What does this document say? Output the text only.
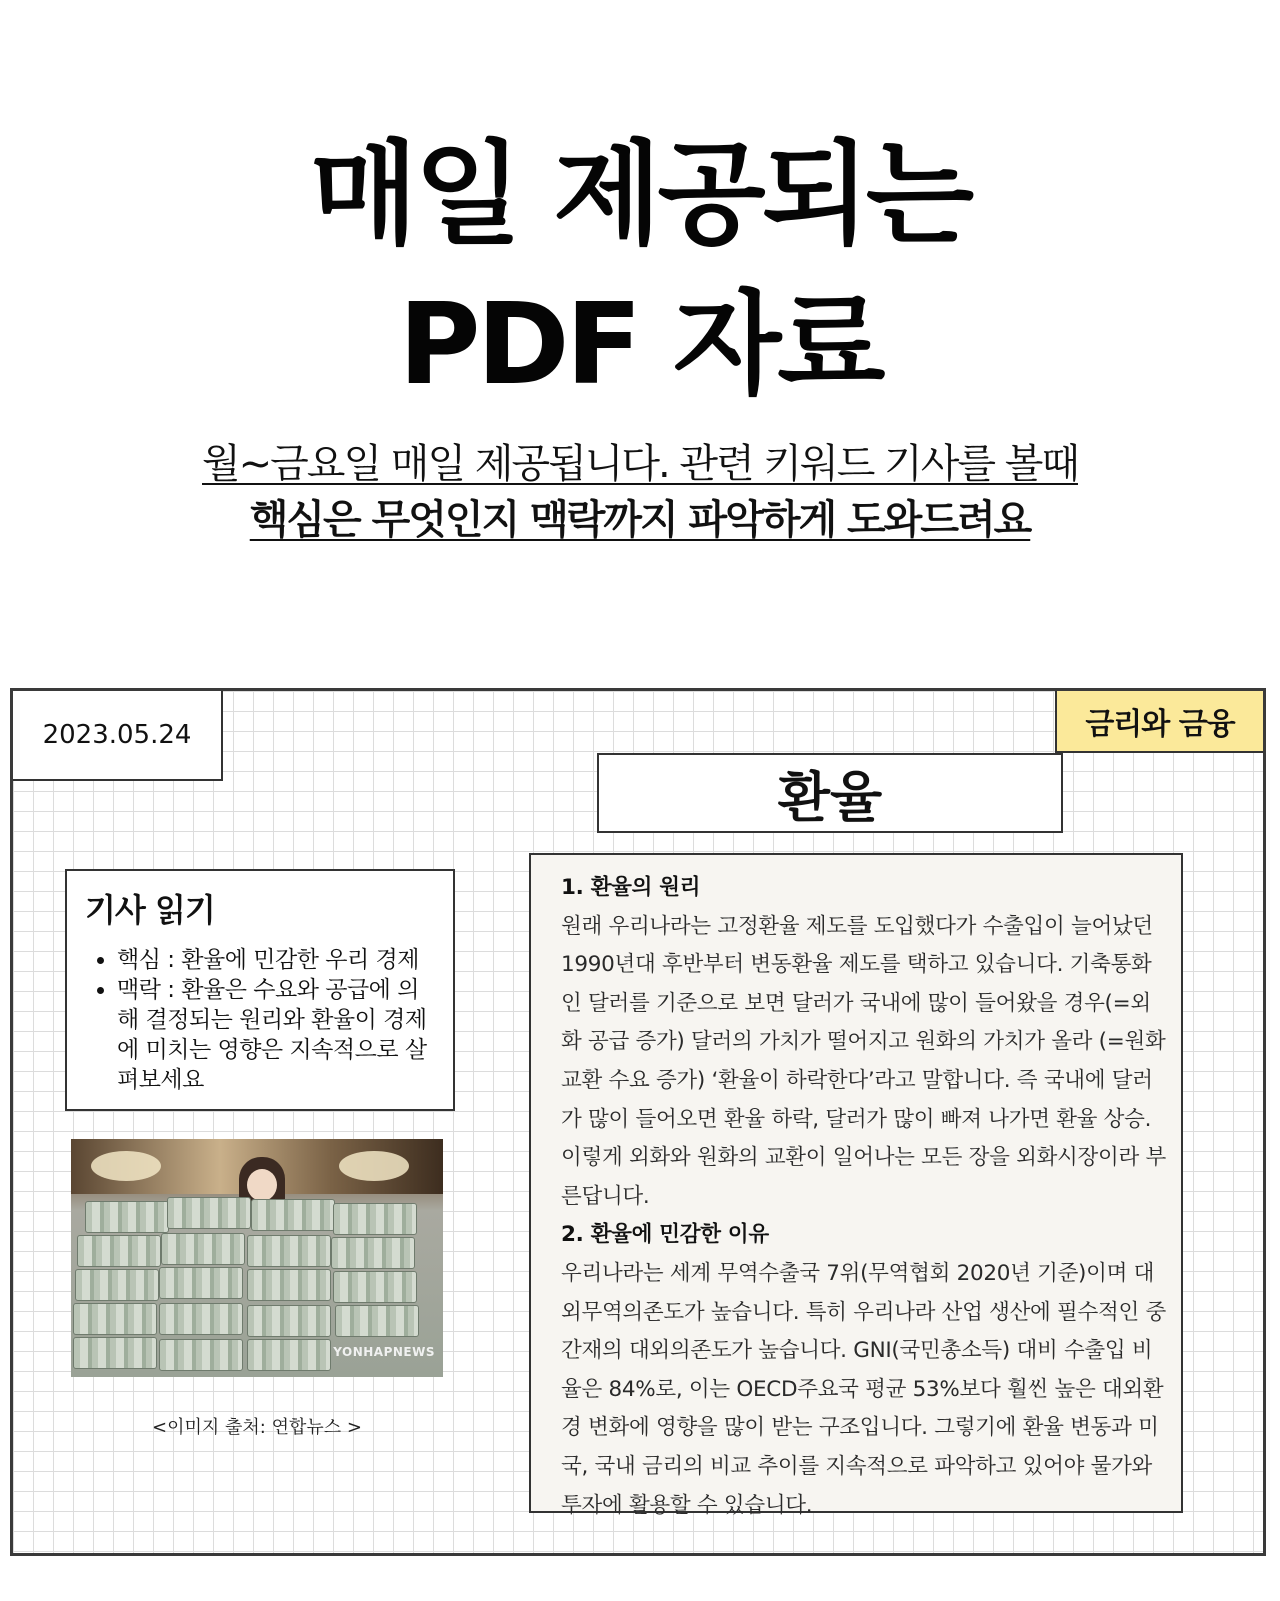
매일 제공되는
PDF 자료
월~금요일 매일 제공됩니다. 관련 키워드 기사를 볼때
핵심은 무엇인지 맥락까지 파악하게 도와드려요
2023.05.24	금리와 금융
환율
기사 읽기
• 핵심 : 환율에 민감한 우리 경제
• 맥락 : 환율은 수요와 공급에 의해 결정되는 원리와 환율이 경제에 미치는 영향은 지속적으로 살펴보세요
YONHAPNEWS
<이미지 출처: 연합뉴스 >

1. 환율의 원리

원래 우리나라는 고정환율 제도를 도입했다가 수출입이 늘어났던 1990년대 후반부터 변동환율 제도를 택하고 있습니다. 기축통화인 달러를 기준으로 보면 달러가 국내에 많이 들어왔을 경우(=외화 공급 증가) 달러의 가치가 떨어지고 원화의 가치가 올라 (=원화 교환 수요 증가) ‘환율이 하락한다’라고 말합니다. 즉 국내에 달러가 많이 들어오면 환율 하락, 달러가 많이 빠져 나가면 환율 상승.

이렇게 외화와 원화의 교환이 일어나는 모든 장을 외화시장이라 부른답니다.

2. 환율에 민감한 이유

우리나라는 세계 무역수출국 7위(무역협회 2020년 기준)이며 대외무역의존도가 높습니다. 특히 우리나라 산업 생산에 필수적인 중간재의 대외의존도가 높습니다. GNI(국민총소득) 대비 수출입 비율은 84%로, 이는 OECD주요국 평균 53%보다 훨씬 높은 대외환경 변화에 영향을 많이 받는 구조입니다. 그렇기에 환율 변동과 미국, 국내 금리의 비교 추이를 지속적으로 파악하고 있어야 물가와 투자에 활용할 수 있습니다.
